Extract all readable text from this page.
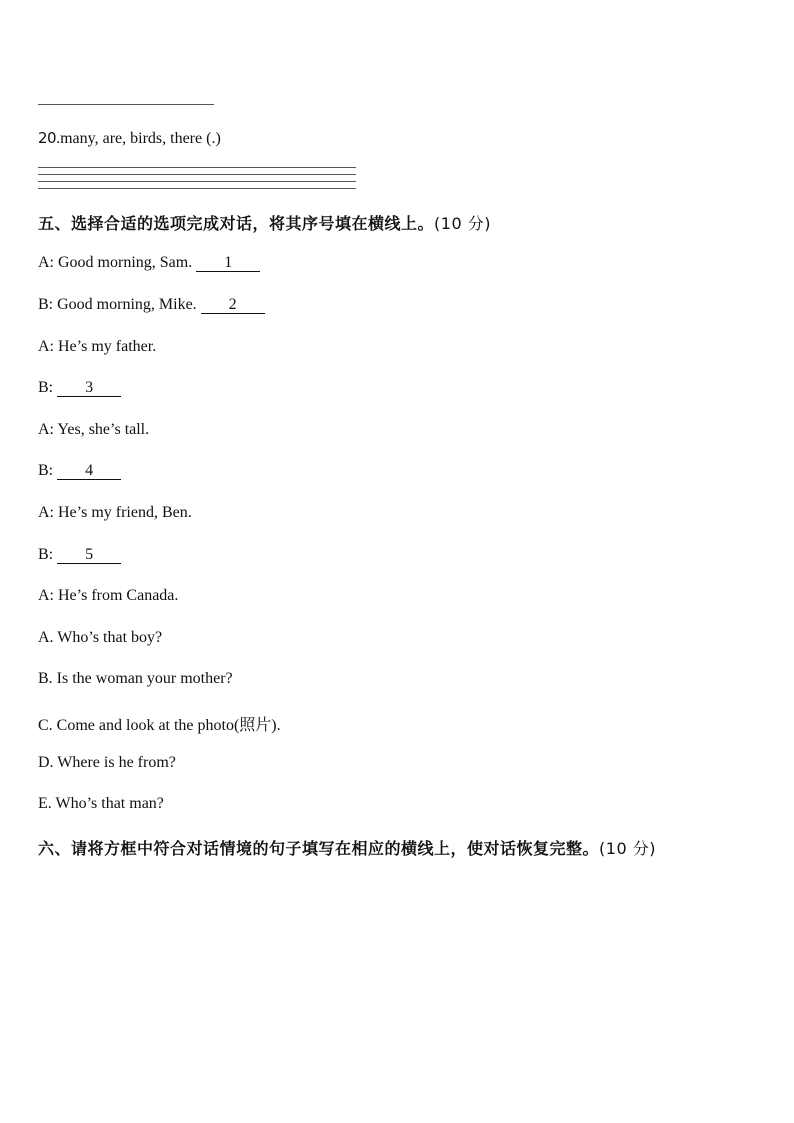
20.many, are, birds, there (.)
五、选择合适的选项完成对话，将其序号填在横线上。(10 分)
A: Good morning, Sam. 1
B: Good morning, Mike. 2
A: He’s my father.
B: 3
A: Yes, she’s tall.
B: 4
A: He’s my friend, Ben.
B: 5
A: He’s from Canada.
A. Who’s that boy?
B. Is the woman your mother?
C. Come and look at the photo(照片).
D. Where is he from?
E. Who’s that man?
六、请将方框中符合对话情境的句子填写在相应的横线上，使对话恢复完整。(10 分)
